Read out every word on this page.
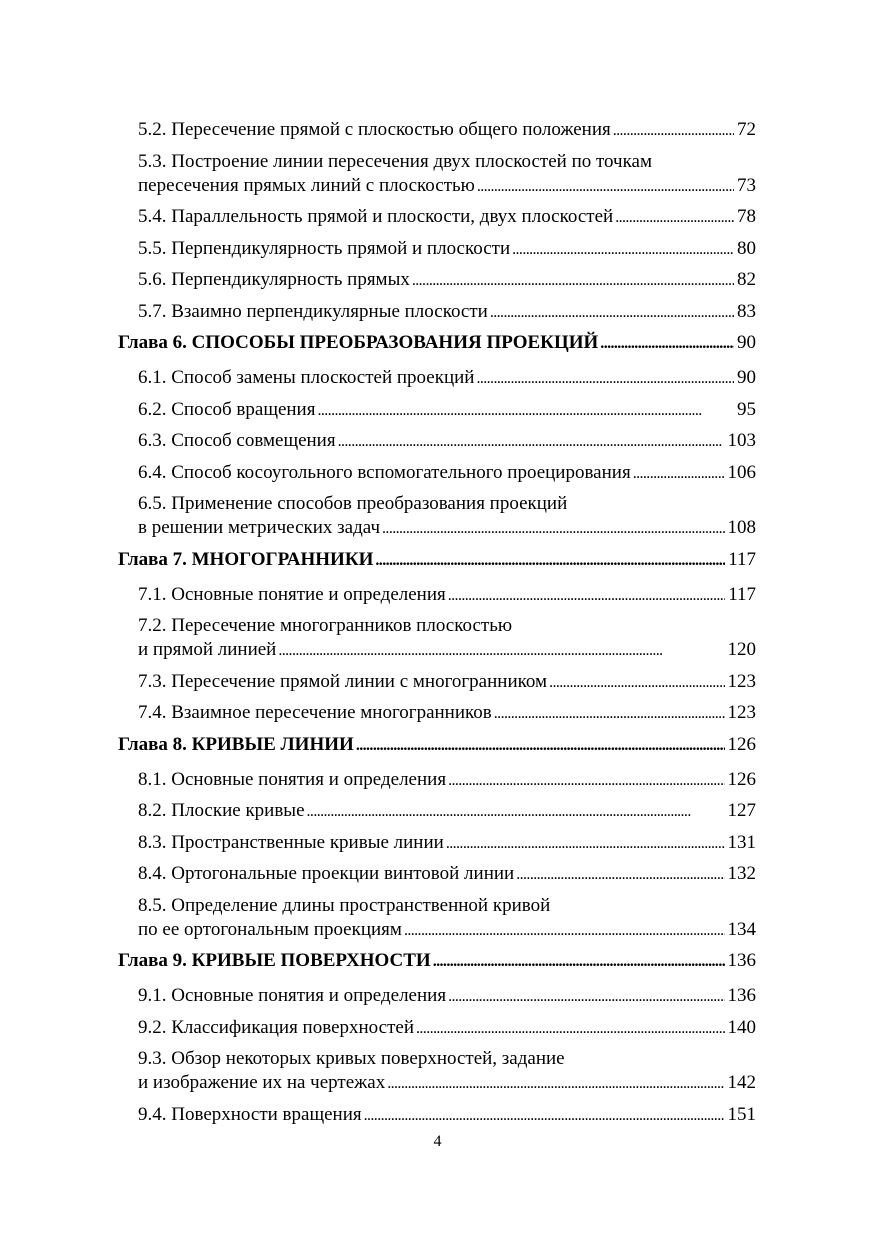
5.2. Пересечение прямой с плоскостью общего положения . . .	72
5.3. Построение линии пересечения двух плоскостей по точкам
пересечения прямых линий с плоскостью . . .	73
5.4. Параллельность прямой и плоскости, двух плоскостей . . .	78
5.5. Перпендикулярность прямой и плоскости . . .	80
5.6. Перпендикулярность прямых . . .	82
5.7. Взаимно перпендикулярные плоскости . . .	83
Глава 6. СПОСОБЫ ПРЕОБРАЗОВАНИЯ ПРОЕКЦИЙ . . .	90
6.1. Способ замены плоскостей проекций . . .	90
6.2. Способ вращения . . .	95
6.3. Способ совмещения . . .	103
6.4. Способ косоугольного вспомогательного проецирования . . .	106
6.5. Применение способов преобразования проекций
в решении метрических задач . . .	108
Глава 7. МНОГОГРАННИКИ . . .	117
7.1. Основные понятие и определения . . .	117
7.2. Пересечение многогранников плоскостью
и прямой линией . . .	120
7.3. Пересечение прямой линии с многогранником . . .	123
7.4. Взаимное пересечение многогранников . . .	123
Глава 8. КРИВЫЕ ЛИНИИ . . .	126
8.1. Основные понятия и определения . . .	126
8.2. Плоские кривые . . .	127
8.3. Пространственные кривые линии . . .	131
8.4. Ортогональные проекции винтовой линии . . .	132
8.5. Определение длины пространственной кривой
по ее ортогональным проекциям . . .	134
Глава 9. КРИВЫЕ ПОВЕРХНОСТИ . . .	136
9.1. Основные понятия и определения . . .	136
9.2. Классификация поверхностей . . .	140
9.3. Обзор некоторых кривых поверхностей, задание
и изображение их на чертежах . . .	142
9.4. Поверхности вращения . . .	151
4
